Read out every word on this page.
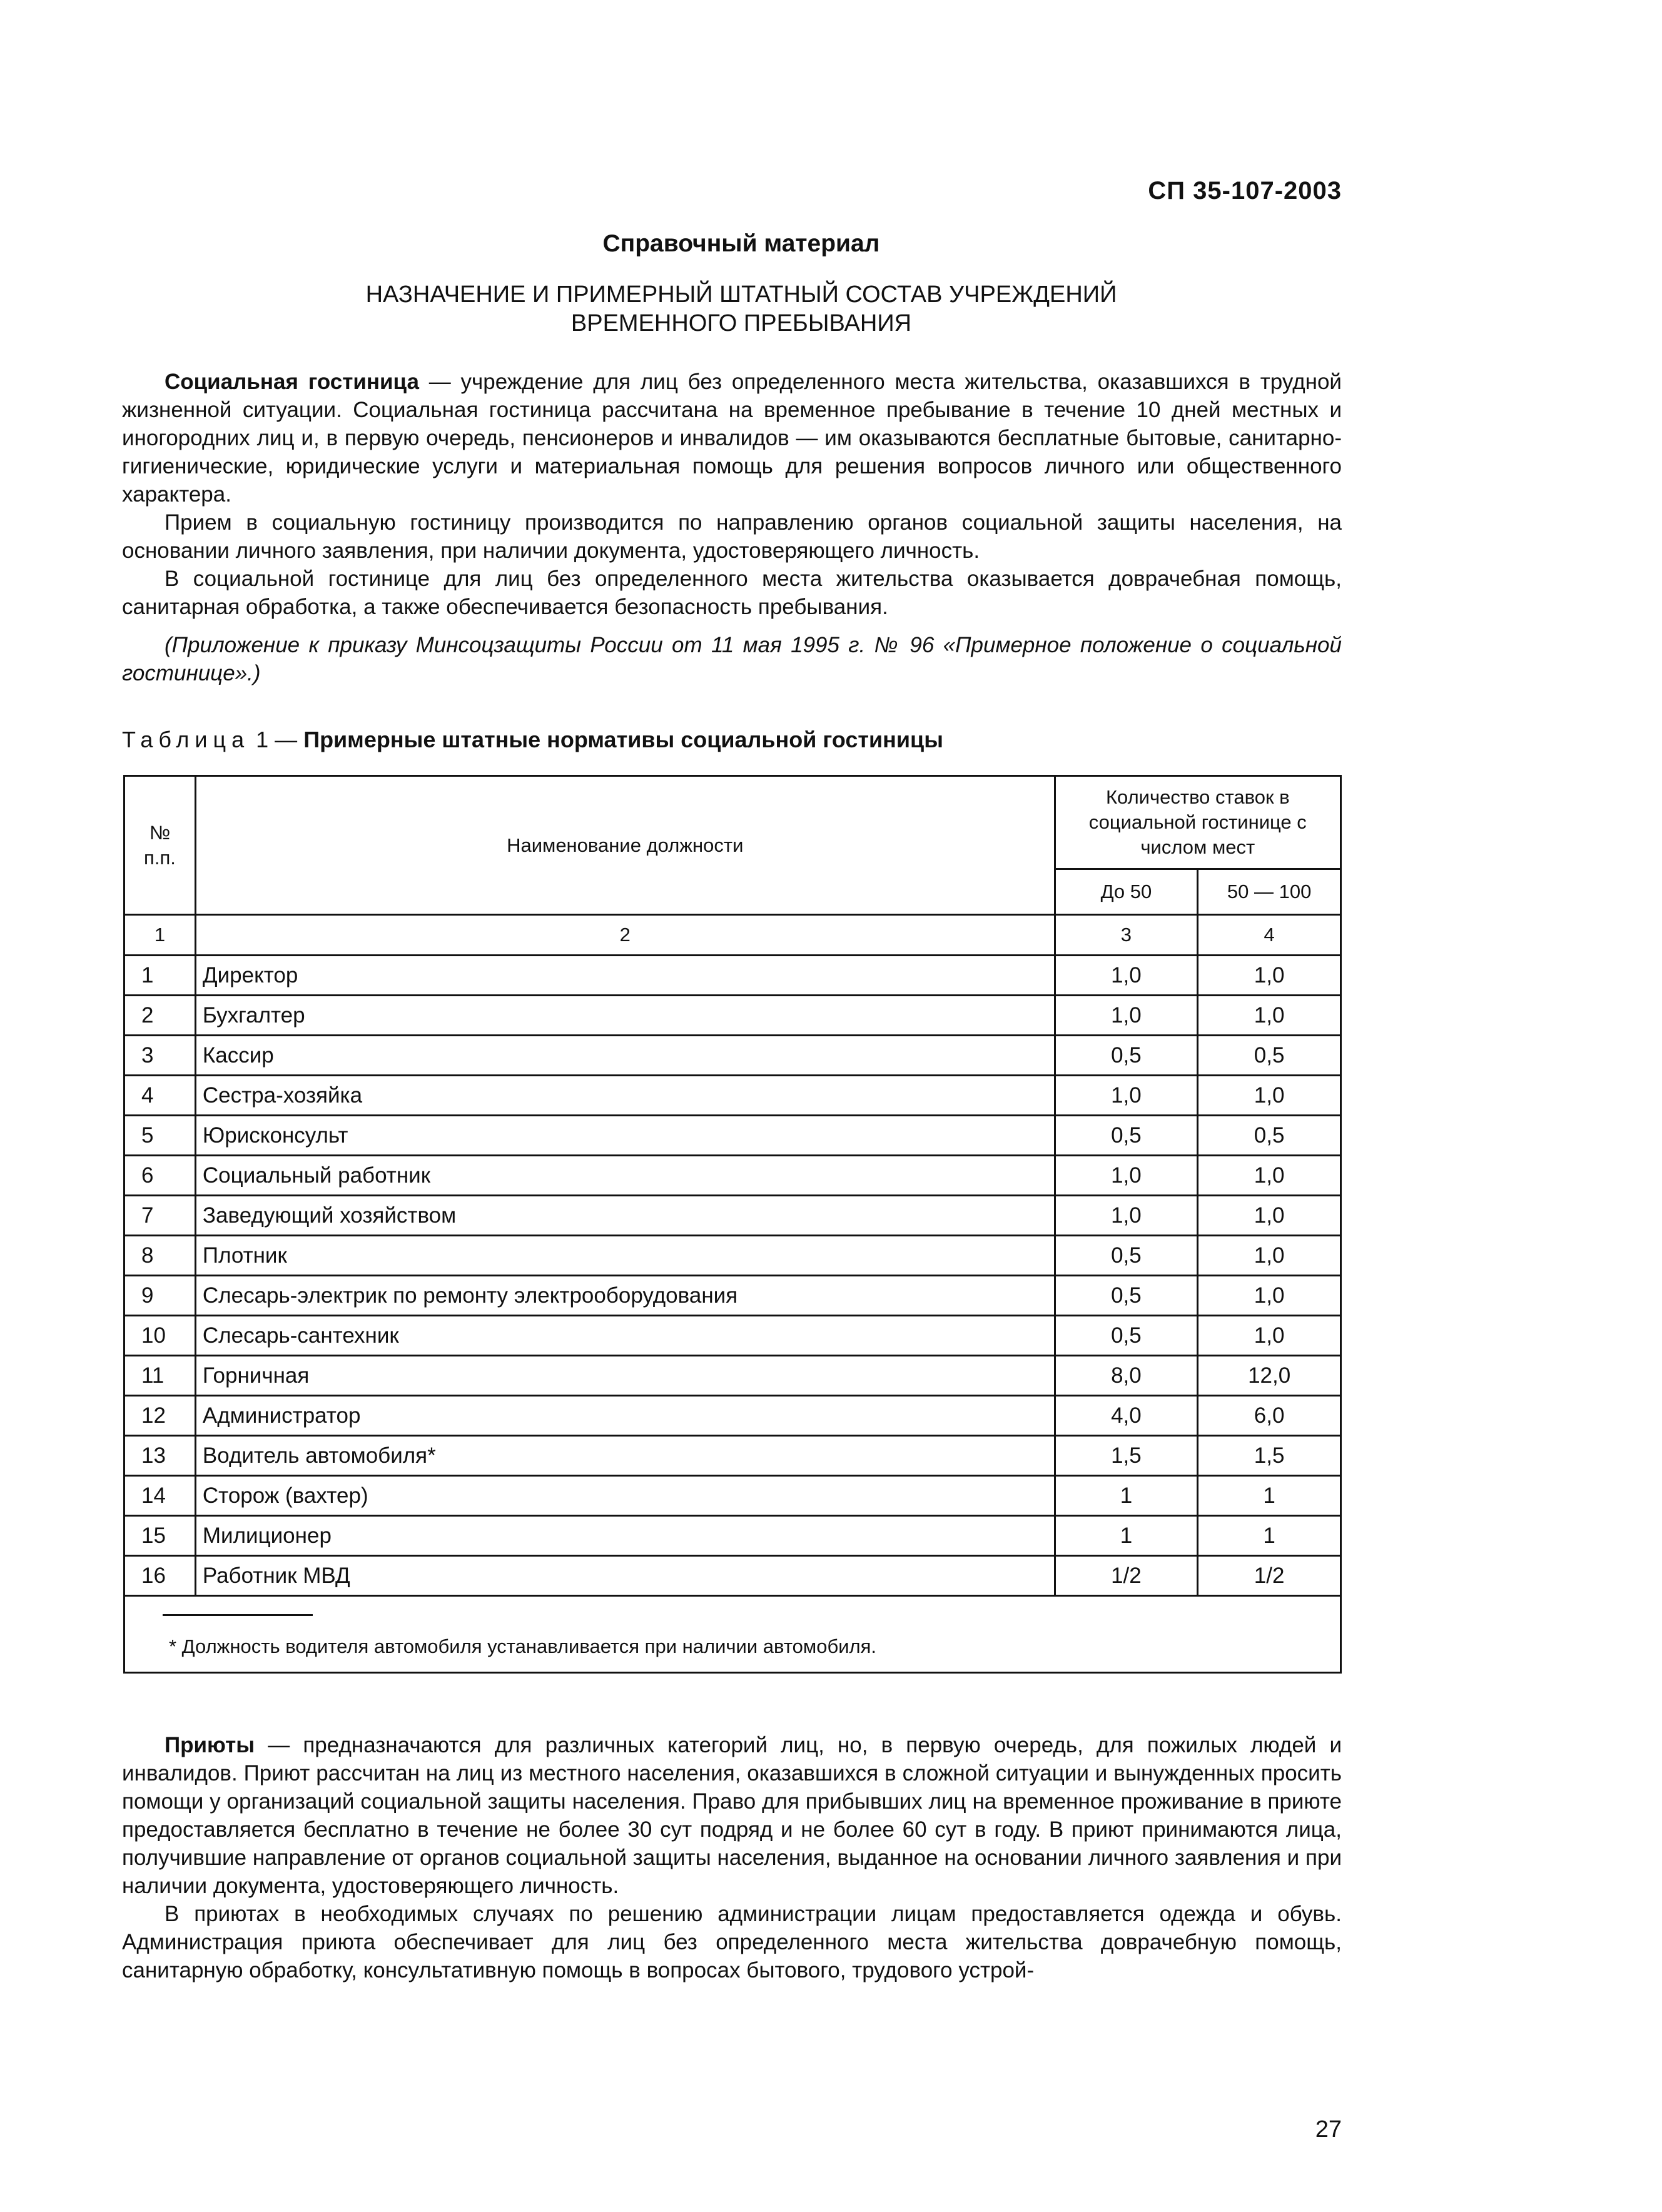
СП 35-107-2003
Справочный материал
НАЗНАЧЕНИЕ И ПРИМЕРНЫЙ ШТАТНЫЙ СОСТАВ УЧРЕЖДЕНИЙ
ВРЕМЕННОГО ПРЕБЫВАНИЯ

Социальная гостиница — учреждение для лиц без определенного места жительства, оказавшихся в трудной жизненной ситуации. Социальная гостиница рассчитана на временное пребывание в течение 10 дней местных и иногородних лиц и, в первую очередь, пенсионеров и инвалидов — им оказываются бесплатные бытовые, санитарно-гигиенические, юридические услуги и материальная помощь для решения вопросов личного или общественного характера.

Прием в социальную гостиницу производится по направлению органов социальной защиты населения, на основании личного заявления, при наличии документа, удостоверяющего личность.

В социальной гостинице для лиц без определенного места жительства оказывается доврачебная помощь, санитарная обработка, а также обеспечивается безопасность пребывания.

(Приложение к приказу Минсоцзащиты России от 11 мая 1995 г. № 96 «Примерное положение о социальной гостинице».)

Таблица 1 — Примерные штатные нормативы социальной гостиницы
№ п.п.	Наименование должности	Количество ставок в социальной гостинице с числом мест	
		До 50	50 — 100
1	2	3	4
1	Директор	1,0	1,0
2	Бухгалтер	1,0	1,0
3	Кассир	0,5	0,5
4	Сестра-хозяйка	1,0	1,0
5	Юрисконсульт	0,5	0,5
6	Социальный работник	1,0	1,0
7	Заведующий хозяйством	1,0	1,0
8	Плотник	0,5	1,0
9	Слесарь-электрик по ремонту электрооборудования	0,5	1,0
10	Слесарь-сантехник	0,5	1,0
11	Горничная	8,0	12,0
12	Администратор	4,0	6,0
13	Водитель автомобиля*	1,5	1,5
14	Сторож (вахтер)	1	1
15	Милиционер	1	1
16	Работник МВД	1/2	1/2

* Должность водителя автомобиля устанавливается при наличии автомобиля.			

Приюты — предназначаются для различных категорий лиц, но, в первую очередь, для пожилых людей и инвалидов. Приют рассчитан на лиц из местного населения, оказавшихся в сложной ситуации и вынужденных просить помощи у организаций социальной защиты населения. Право для прибывших лиц на временное проживание в приюте предоставляется бесплатно в течение не более 30 сут подряд и не более 60 сут в году. В приют принимаются лица, получившие направление от органов социальной защиты населения, выданное на основании личного заявления и при наличии документа, удостоверяющего личность.

В приютах в необходимых случаях по решению администрации лицам предоставляется одежда и обувь. Администрация приюта обеспечивает для лиц без определенного места жительства доврачебную помощь, санитарную обработку, консультативную помощь в вопросах бытового, трудового устрой-

27
